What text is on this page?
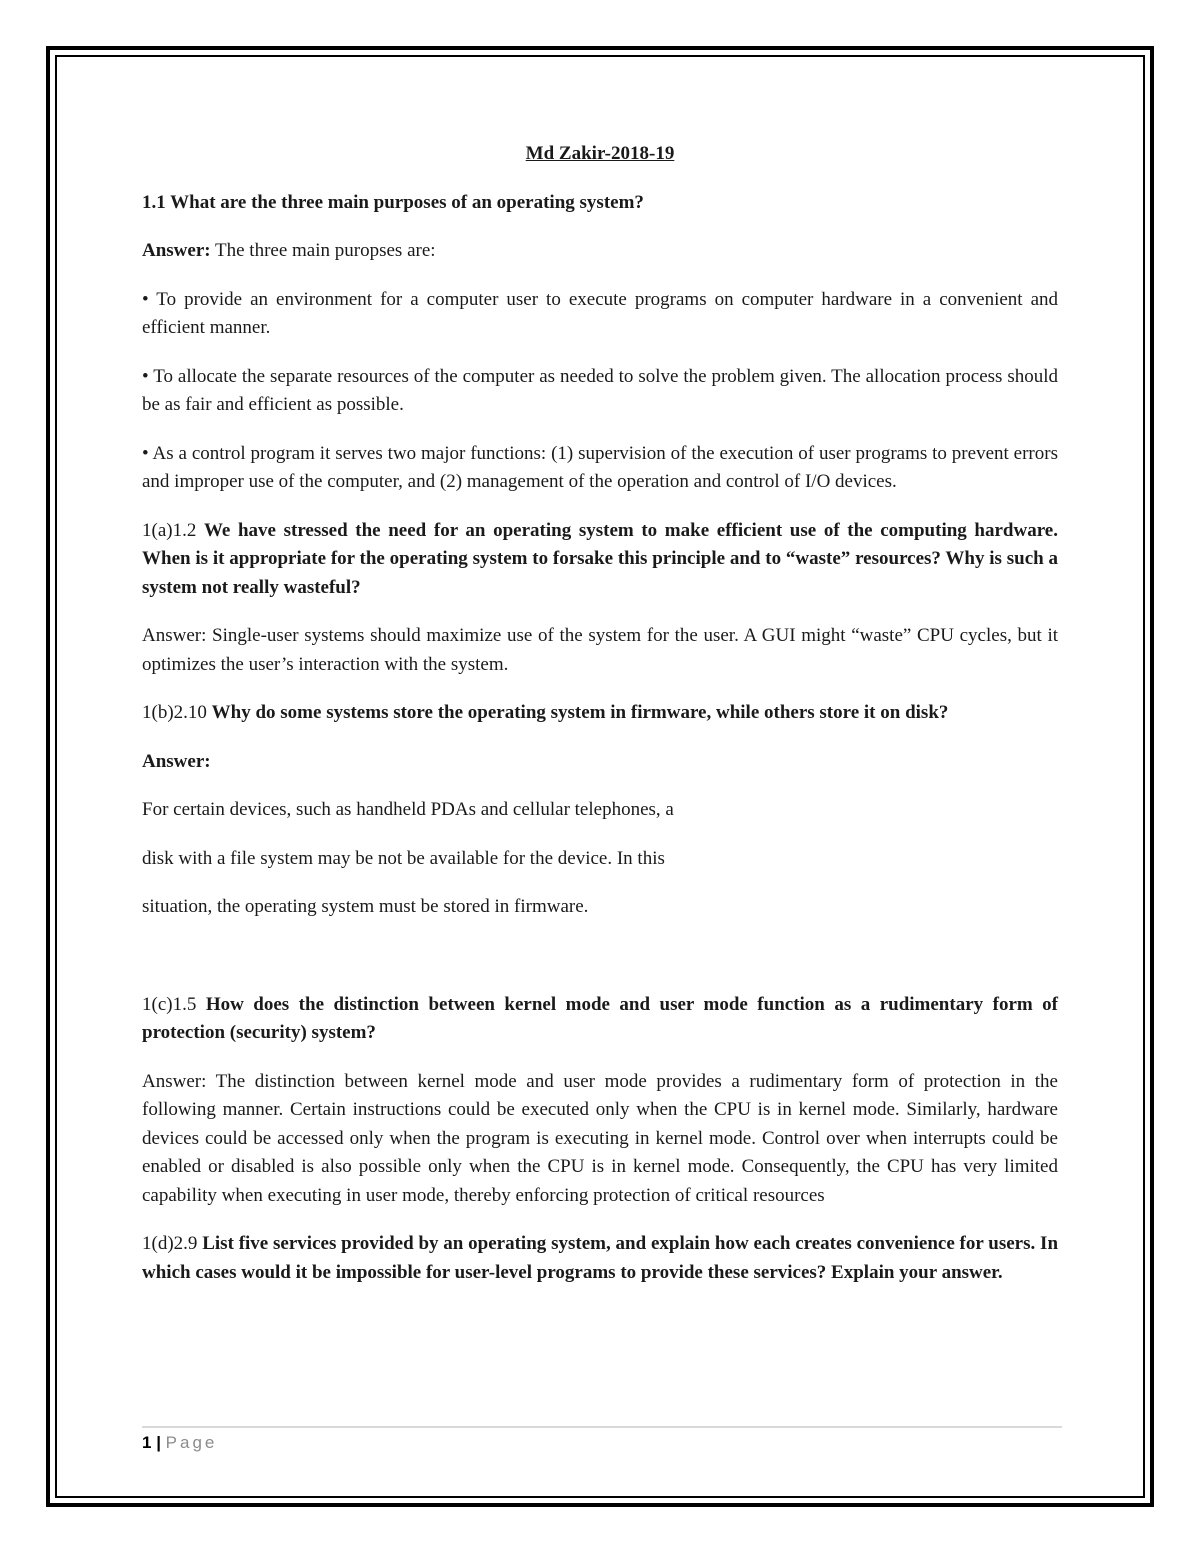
Md Zakir-2018-19

1.1 What are the three main purposes of an operating system?

Answer: The three main puropses are:

• To provide an environment for a computer user to execute programs on computer hardware in a convenient and efficient manner.

• To allocate the separate resources of the computer as needed to solve the problem given. The allocation process should be as fair and efficient as possible.

• As a control program it serves two major functions: (1) supervision of the execution of user programs to prevent errors and improper use of the computer, and (2) management of the operation and control of I/O devices.

1(a)1.2 We have stressed the need for an operating system to make efficient use of the computing hardware. When is it appropriate for the operating system to forsake this principle and to “waste” resources? Why is such a system not really wasteful?

Answer: Single-user systems should maximize use of the system for the user. A GUI might “waste” CPU cycles, but it optimizes the user’s interaction with the system.

1(b)2.10 Why do some systems store the operating system in firmware, while others store it on disk?

Answer:

For certain devices, such as handheld PDAs and cellular telephones, a

disk with a file system may be not be available for the device. In this

situation, the operating system must be stored in firmware.

1(c)1.5 How does the distinction between kernel mode and user mode function as a rudimentary form of protection (security) system?

Answer: The distinction between kernel mode and user mode provides a rudimentary form of protection in the following manner. Certain instructions could be executed only when the CPU is in kernel mode. Similarly, hardware devices could be accessed only when the program is executing in kernel mode. Control over when interrupts could be enabled or disabled is also possible only when the CPU is in kernel mode. Consequently, the CPU has very limited capability when executing in user mode, thereby enforcing protection of critical resources

1(d)2.9 List five services provided by an operating system, and explain how each creates convenience for users. In which cases would it be impossible for user-level programs to provide these services? Explain your answer.

1 | Page
